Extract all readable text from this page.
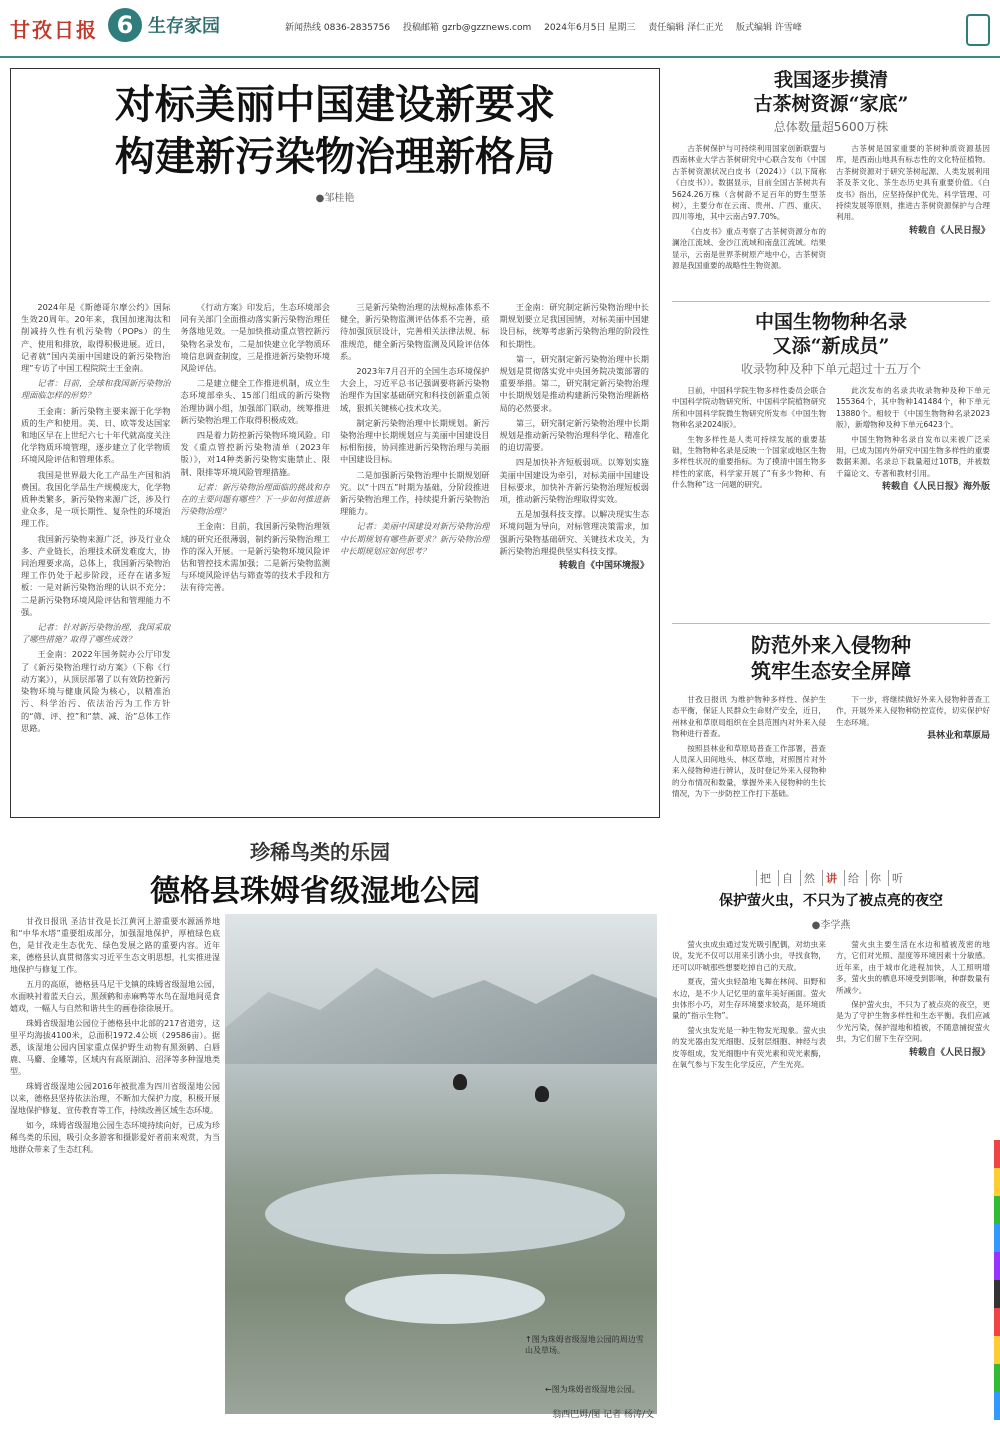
甘孜日报 6 生存家园	新闻热线 0836-2835756 投稿邮箱 gzrb@gzznews.com 2024年6月5日 星期三 责任编辑 泽仁正光 版式编辑 许雪峰
对标美丽中国建设新要求
构建新污染物治理新格局
●邹桂艳

2024年是《斯德哥尔摩公约》国际生效20周年。20年来，我国加速淘汰和削减持久性有机污染物（POPs）的生产、使用和排放，取得积极进展。近日，记者就“国内美丽中国建设的新污染物治理”专访了中国工程院院士王金南。

记者：目前，全球和我国新污染物治理面临怎样的形势？

王金南：新污染物主要来源于化学物质的生产和使用。美、日、欧等发达国家和地区早在上世纪六七十年代就高度关注化学物质环境管理，逐步建立了化学物质环境风险评估和管理体系。

我国是世界最大化工产品生产国和消费国。我国化学品生产规模庞大，化学物质种类繁多，新污染物来源广泛，涉及行业众多，是一项长期性、复杂性的环境治理工作。

我国新污染物来源广泛，涉及行业众多、产业链长，治理技术研发难度大，协同治理要求高，总体上，我国新污染物治理工作仍处于起步阶段，还存在诸多短板：一是对新污染物治理的认识不充分；二是新污染物环境风险评估和管理能力不强。

记者：针对新污染物治理，我国采取了哪些措施？取得了哪些成效？

王金南：2022年国务院办公厅印发了《新污染物治理行动方案》（下称《行动方案》），从顶层部署了以有效防控新污染物环境与健康风险为核心，以精准治污、科学治污、依法治污为工作方针的“筛、评、控”和“禁、减、治”总体工作思路。

《行动方案》印发后，生态环境部会同有关部门全面推动落实新污染物治理任务落地见效。一是加快推动重点管控新污染物名录发布，二是加快建立化学物质环境信息调查制度，三是推进新污染物环境风险评估。

二是建立健全工作推进机制，成立生态环境部牵头、15部门组成的新污染物治理协调小组，加强部门联动，统筹推进新污染物治理工作取得积极成效。

四是着力防控新污染物环境风险。印发《重点管控新污染物清单（2023年版）》，对14种类新污染物实施禁止、限制、限排等环境风险管理措施。

记者：新污染物治理面临的挑战和存在的主要问题有哪些？下一步如何推进新污染物治理？

王金南：目前，我国新污染物治理领域的研究还很薄弱，制约新污染物治理工作的深入开展。一是新污染物环境风险评估和管控技术需加强；二是新污染物监测与环境风险评估与筛查等的技术手段和方法有待完善。

三是新污染物治理的法规标准体系不健全，新污染物监测评估体系不完善，亟待加强顶层设计，完善相关法律法规、标准规范，健全新污染物监测及风险评估体系。

2023年7月召开的全国生态环境保护大会上，习近平总书记强调要将新污染物治理作为国家基础研究和科技创新重点领域，狠抓关键核心技术攻关。

制定新污染物治理中长期规划。新污染物治理中长期规划应与美丽中国建设目标相衔接，协同推进新污染物治理与美丽中国建设目标。

二是加强新污染物治理中长期规划研究。以“十四五”时期为基础，分阶段推进新污染物治理工作，持续提升新污染物治理能力。

记者：美丽中国建设对新污染物治理中长期规划有哪些新要求？新污染物治理中长期规划应如何思考？

王金南：研究制定新污染物治理中长期规划要立足我国国情，对标美丽中国建设目标，统筹考虑新污染物治理的阶段性和长期性。

第一，研究制定新污染物治理中长期规划是贯彻落实党中央国务院决策部署的重要举措。第二，研究制定新污染物治理中长期规划是推动构建新污染物治理新格局的必然要求。

第三，研究制定新污染物治理中长期规划是推动新污染物治理科学化、精准化的迫切需要。

四是加快补齐短板弱项。以筹划实施美丽中国建设为牵引，对标美丽中国建设目标要求，加快补齐新污染物治理短板弱项，推动新污染物治理取得实效。

五是加强科技支撑。以解决现实生态环境问题为导向，对标管理决策需求，加强新污染物基础研究、关键技术攻关，为新污染物治理提供坚实科技支撑。

转载自《中国环境报》
我国逐步摸清
古茶树资源“家底”
总体数量超5600万株

古茶树保护与可持续利用国家创新联盟与西南林业大学古茶树研究中心联合发布《中国古茶树资源状况白皮书（2024）》（以下简称《白皮书》）。数据显示，目前全国古茶树共有5624.26万株（含树龄不足百年的野生型茶树），主要分布在云南、贵州、广西、重庆、四川等地，其中云南占97.70%。

《白皮书》重点考察了古茶树资源分布的澜沧江流域、金沙江流域和南盘江流域。结果显示，云南是世界茶树原产地中心，古茶树资源是我国重要的战略性生物资源。

古茶树是国家重要的茶树种质资源基因库，是西南山地具有标志性的文化特征植物。古茶树资源对于研究茶树起源、人类发展利用茶及茶文化、茶生态历史具有重要价值。《白皮书》指出，应坚持保护优先、科学管理、可持续发展等原则，推进古茶树资源保护与合理利用。

转载自《人民日报》
中国生物物种名录
又添“新成员”
收录物种及种下单元超过十五万个

日前，中国科学院生物多样性委员会联合中国科学院动物研究所、中国科学院植物研究所和中国科学院微生物研究所发布《中国生物物种名录2024版》。

生物多样性是人类可持续发展的重要基础，生物物种名录是反映一个国家或地区生物多样性状况的重要指标。为了摸清中国生物多样性的家底，科学家开展了“有多少物种、有什么物种”这一问题的研究。

此次发布的名录共收录物种及种下单元155364个，其中物种141484个，种下单元13880个。相较于《中国生物物种名录2023版》，新增物种及种下单元6423个。

中国生物物种名录自发布以来被广泛采用，已成为国内外研究中国生物多样性的重要数据来源。名录总下载量超过10TB，并被数千篇论文、专著和教材引用。

转载自《人民日报》海外版
防范外来入侵物种
筑牢生态安全屏障

甘孜日报讯 为维护物种多样性、保护生态平衡，保证人民群众生命财产安全，近日，州林业和草原局组织在全县范围内对外来入侵物种进行普查。

按照县林业和草原局普查工作部署，普查人员深入田间地头、林区草地，对照图片对外来入侵物种进行辨认，及时登记外来入侵物种的分布情况和数量，掌握外来入侵物种的生长情况，为下一步防控工作打下基础。

下一步，将继续做好外来入侵物种普查工作，开展外来入侵物种防控宣传，切实保护好生态环境。

县林业和草原局
把	自	然	讲	给	你	听
保护萤火虫，不只为了被点亮的夜空
●李学燕

萤火虫成虫通过发光吸引配偶，对幼虫来说，发光不仅可以用来引诱小虫，寻找食物，还可以吓唬那些想要吃掉自己的天敌。

夏夜，萤火虫轻盈地飞舞在林间、田野和水边，是不少人记忆里的童年美好画面。萤火虫体形小巧，对生存环境要求较高，是环境质量的“指示生物”。

萤火虫发光是一种生物发光现象。萤火虫的发光器由发光细胞、反射层细胞、神经与表皮等组成，发光细胞中有荧光素和荧光素酶，在氧气参与下发生化学反应，产生光亮。

萤火虫主要生活在水边和植被茂密的地方，它们对光照、湿度等环境因素十分敏感。近年来，由于城市化进程加快，人工照明增多，萤火虫的栖息环境受到影响，种群数量有所减少。

保护萤火虫，不只为了被点亮的夜空，更是为了守护生物多样性和生态平衡。我们应减少光污染，保护湿地和植被，不随意捕捉萤火虫，为它们留下生存空间。

转载自《人民日报》
珍稀鸟类的乐园
德格县珠姆省级湿地公园

甘孜日报讯 圣洁甘孜是长江黄河上游重要水源涵养地和“中华水塔”重要组成部分，加强湿地保护，厚植绿色底色，是甘孜走生态优先、绿色发展之路的重要内容。近年来，德格县认真贯彻落实习近平生态文明思想，扎实推进湿地保护与修复工作。

五月的高原，德格县马尼干戈镇的珠姆省级湿地公园，水面映衬着蓝天白云，黑颈鹤和赤麻鸭等水鸟在湿地间觅食嬉戏，一幅人与自然和谐共生的画卷徐徐展开。

珠姆省级湿地公园位于德格县中北部的217省道旁，这里平均海拔4100米，总面积1972.4公顷（29586亩）。据悉，该湿地公园内国家重点保护野生动物有黑颈鹤、白唇鹿、马麝、金雕等，区域内有高原湖泊、沼泽等多种湿地类型。

珠姆省级湿地公园2016年被批准为四川省级湿地公园以来，德格县坚持依法治理，不断加大保护力度，积极开展湿地保护修复、宣传教育等工作，持续改善区域生态环境。

如今，珠姆省级湿地公园生态环境持续向好，已成为珍稀鸟类的乐园，吸引众多游客和摄影爱好者前来观赏，为当地群众带来了生态红利。

↑图为珠姆省级湿地公园的周边雪山及草场。
←图为珠姆省级湿地公园。
翁西巴姆/图 记者 杨涛/文
